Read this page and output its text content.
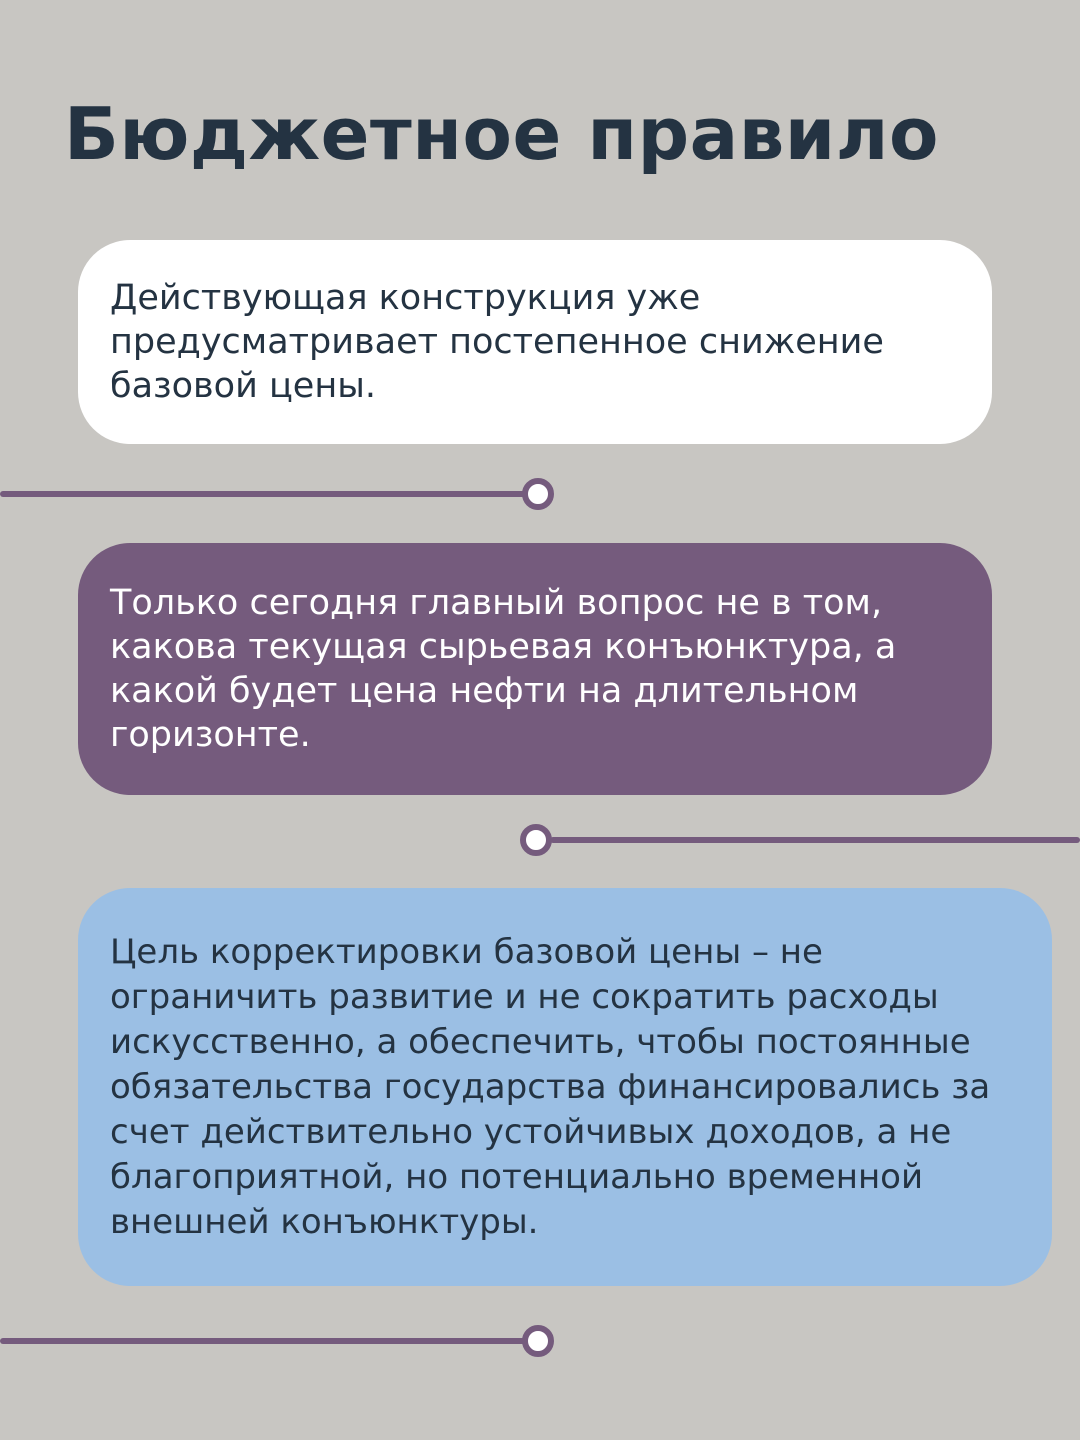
Бюджетное правило

Действующая конструкция уже предусматривает постепенное снижение базовой цены.

Только сегодня главный вопрос не в том, какова текущая сырьевая конъюнктура, а какой будет цена нефти на длительном горизонте.

Цель корректировки базовой цены – не ограничить развитие и не сократить расходы искусственно, а обеспечить, чтобы постоянные обязательства государства финансировались за счет действительно устойчивых доходов, а не благоприятной, но потенциально временной внешней конъюнктуры.
